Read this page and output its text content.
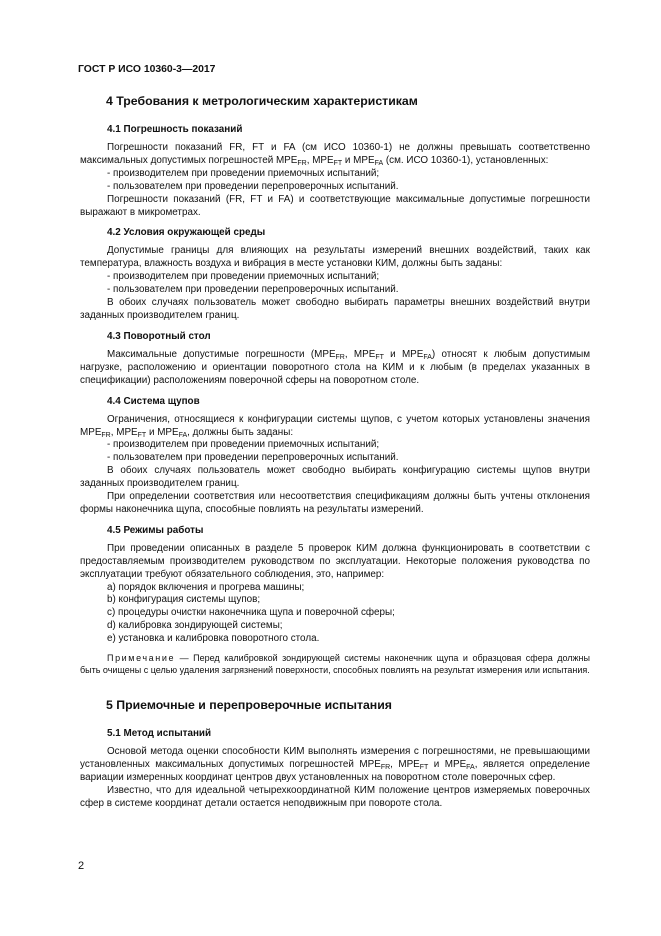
ГОСТ Р ИСО 10360-3—2017
4 Требования к метрологическим характеристикам
4.1 Погрешность показаний

Погрешности показаний FR, FT и FA (см ИСО 10360-1) не должны превышать соответственно максимальных допустимых погрешностей $MPE_{FR}$, $MPE_{FT}$ и $MPE_{FA}$ (см. ИСО 10360-1), установленных:

- производителем при проведении приемочных испытаний;

- пользователем при проведении перепроверочных испытаний.

Погрешности показаний (FR, FT и FA) и соответствующие максимальные допустимые погрешности выражают в микрометрах.

4.2 Условия окружающей среды

Допустимые границы для влияющих на результаты измерений внешних воздействий, таких как температура, влажность воздуха и вибрация в месте установки КИМ, должны быть заданы:

- производителем при проведении приемочных испытаний;

- пользователем при проведении перепроверочных испытаний.

В обоих случаях пользователь может свободно выбирать параметры внешних воздействий внутри заданных производителем границ.

4.3 Поворотный стол

Максимальные допустимые погрешности ($MPE_{FR}$, $MPE_{FT}$ и $MPE_{FA}$) относят к любым допустимым нагрузке, расположению и ориентации поворотного стола на КИМ и к любым (в пределах указанных в спецификации) расположениям поверочной сферы на поворотном столе.

4.4 Система щупов

Ограничения, относящиеся к конфигурации системы щупов, с учетом которых установлены значения $MPE_{FR}$, $MPE_{FT}$ и $MPE_{FA}$, должны быть заданы:

- производителем при проведении приемочных испытаний;

- пользователем при проведении перепроверочных испытаний.

В обоих случаях пользователь может свободно выбирать конфигурацию системы щупов внутри заданных производителем границ.

При определении соответствия или несоответствия спецификациям должны быть учтены отклонения формы наконечника щупа, способные повлиять на результаты измерений.

4.5 Режимы работы

При проведении описанных в разделе 5 проверок КИМ должна функционировать в соответствии с предоставляемым производителем руководством по эксплуатации. Некоторые положения руководства по эксплуатации требуют обязательного соблюдения, это, например:

a) порядок включения и прогрева машины;

b) конфигурация системы щупов;

c) процедуры очистки наконечника щупа и поверочной сферы;

d) калибровка зондирующей системы;

e) установка и калибровка поворотного стола.

Примечание — Перед калибровкой зондирующей системы наконечник щупа и образцовая сфера должны быть очищены с целью удаления загрязнений поверхности, способных повлиять на результат измерения или испытания.

5 Приемочные и перепроверочные испытания
5.1 Метод испытаний

Основой метода оценки способности КИМ выполнять измерения с погрешностями, не превышающими установленных максимальных допустимых погрешностей $MPE_{FR}$, $MPE_{FT}$ и $MPE_{FA}$, является определение вариации измеренных координат центров двух установленных на поворотном столе поверочных сфер.

Известно, что для идеальной четырехкоординатной КИМ положение центров измеряемых поверочных сфер в системе координат детали остается неподвижным при повороте стола.

2
